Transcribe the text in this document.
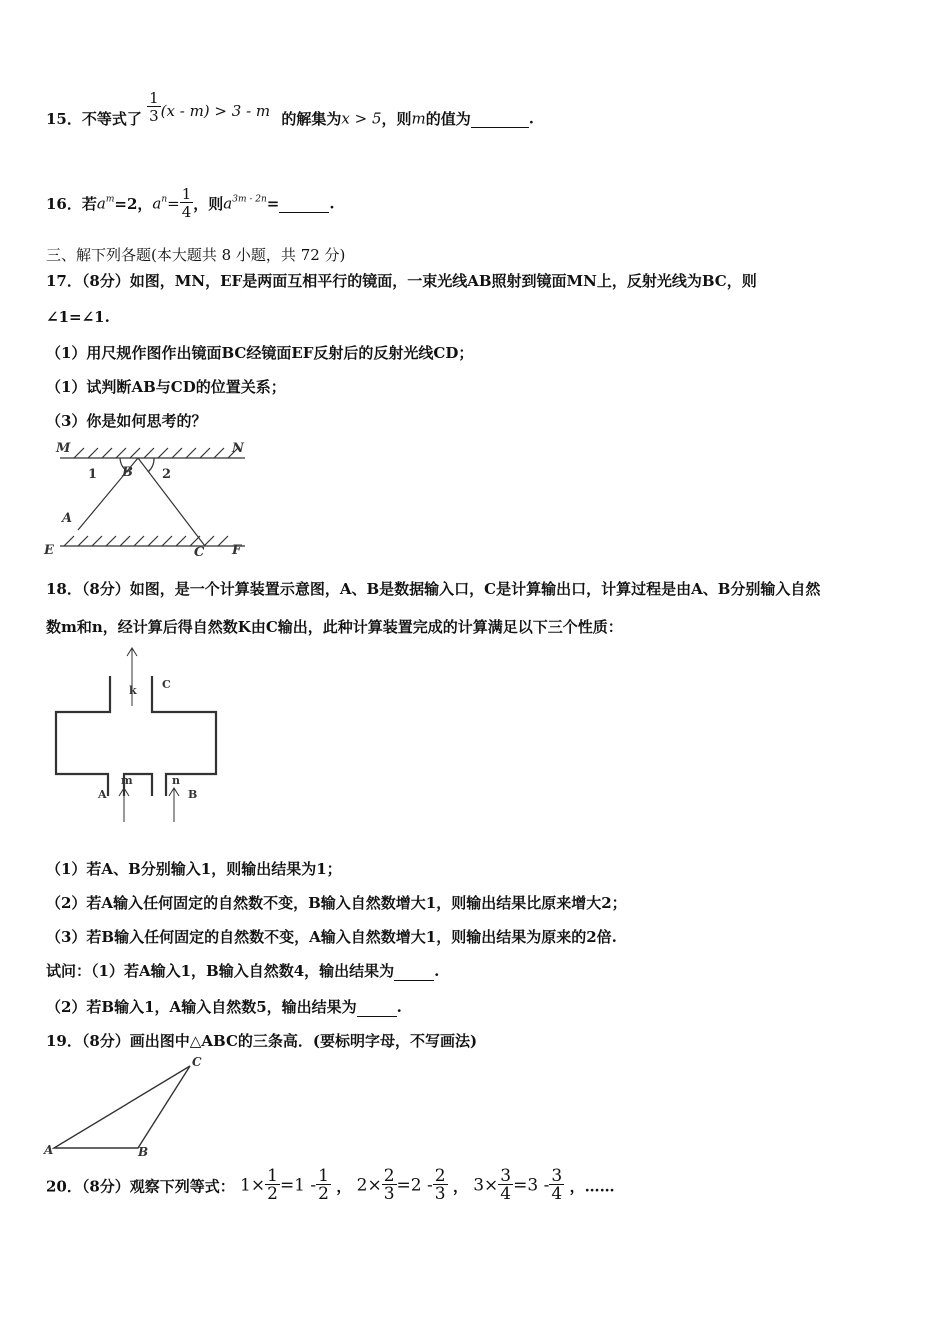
15．不等式了 $\frac{1}{3} (x - m) > 3 - m$ 的解集为x > 5，则m的值为	.
16．若$a^m=2$，$a^n= \frac{1}{4}$ ，则$a^{3m - 2n}=$	.
三、解下列各题(本大题共 8 小题，共 72 分)
17．（8分）如图，MN，EF是两面互相平行的镜面，一束光线AB照射到镜面MN上，反射光线为BC，则
∠1=∠1.
（1）用尺规作图作出镜面BC经镜面EF反射后的反射光线CD；
（1）试判断AB与CD的位置关系；
（3）你是如何思考的？
M	N
E	F
A
B
C
1	2
18．（8分）如图，是一个计算装置示意图，A、B是数据输入口，C是计算输出口，计算过程是由A、B分别输入自然
数m和n，经计算后得自然数K由C输出，此种计算装置完成的计算满足以下三个性质：
k C
m	n
A	B
（1）若A、B分别输入1，则输出结果为1；
（2）若A输入任何固定的自然数不变，B输入自然数增大1，则输出结果比原来增大2；
（3）若B输入任何固定的自然数不变，A输入自然数增大1，则输出结果为原来的2倍.
试问：（1）若A输入1，B输入自然数4，输出结果为	.
（2）若B输入1，A输入自然数5，输出结果为	.
19．（8分）画出图中△ABC的三条高．(要标明字母，不写画法)
A	B
C
20．（8分）观察下列等式： $1\times \frac{1}{2} =1 - \frac{1}{2}$ ， $2\times \frac{2}{3} =2 - \frac{2}{3}$ ， $3\times \frac{3}{4} =3 - \frac{3}{4}$ ，……
